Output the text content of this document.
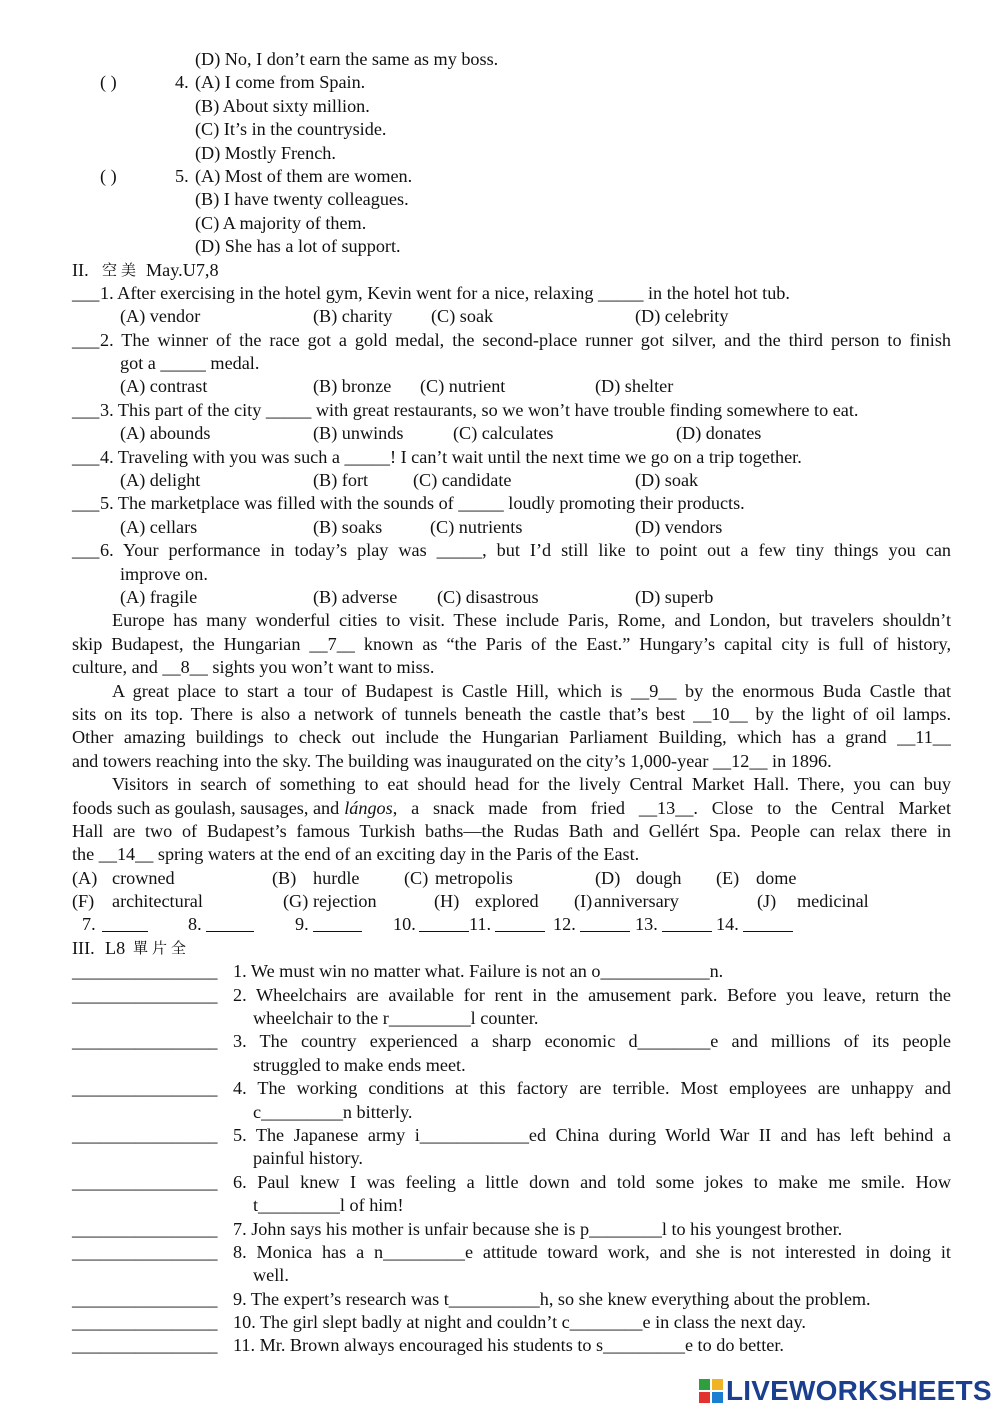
(D) No, I don’t earn the same as my boss.
( )	4. (A) I come from Spain.
(B) About sixty million.
(C) It’s in the countryside.
(D) Mostly French.
( )	5. (A) Most of them are women.
(B) I have twenty colleagues.
(C) A majority of them.
(D) She has a lot of support.
II. 空美 May.U7,8
___ 1. After exercising in the hotel gym, Kevin went for a nice, relaxing _____ in the hotel hot tub.
(A) vendor	(B) charity (C) soak	(D) celebrity
___ 2. The winner of the race got a gold medal, the second-place runner got silver, and the third person to finish
got a _____ medal.
(A) contrast	(B) bronze (C) nutrient	(D) shelter
___ 3. This part of the city _____ with great restaurants, so we won’t have trouble finding somewhere to eat.
(A) abounds	(B) unwinds	(C) calculates	(D) donates
___ 4. Traveling with you was such a _____! I can’t wait until the next time we go on a trip together.
(A) delight	(B) fort (C) candidate	(D) soak
___ 5. The marketplace was filled with the sounds of _____ loudly promoting their products.
(A) cellars	(B) soaks	(C) nutrients	(D) vendors
___ 6. Your performance in today’s play was _____, but I’d still like to point out a few tiny things you can
improve on.
(A) fragile	(B) adverse (C) disastrous	(D) superb
Europe has many wonderful cities to visit. These include Paris, Rome, and London, but travelers shouldn’t
skip Budapest, the Hungarian __7__ known as “the Paris of the East.” Hungary’s capital city is full of history,
culture, and __8__ sights you won’t want to miss.
A great place to start a tour of Budapest is Castle Hill, which is __9__ by the enormous Buda Castle that
sits on its top. There is also a network of tunnels beneath the castle that’s best __10__ by the light of oil lamps.
Other amazing buildings to check out include the Hungarian Parliament Building, which has a grand __11__
and towers reaching into the sky. The building was inaugurated on the city’s 1,000-year __12__ in 1896.
Visitors in search of something to eat should head for the lively Central Market Hall. There, you can buy
foods such as goulash, sausages, and lángos , a snack made from fried __13__. Close to the Central Market
Hall are two of Budapest’s famous Turkish baths—the Rudas Bath and Gellért Spa. People can relax there in
the __14__ spring waters at the end of an exciting day in the Paris of the East.
(A) crowned	(B) hurdle (C) metropolis	(D) dough (E) dome
(F) architectural	(G) rejection	(H) explored (I) anniversary	(J) medicinal
7.	8.	9.	10.	11.	12.	13.	14.
III. L8 單片全
________________ 1. We must win no matter what. Failure is not an o____________n.
________________ 2. Wheelchairs are available for rent in the amusement park. Before you leave, return the
wheelchair to the r_________l counter.
________________ 3. The country experienced a sharp economic d________e and millions of its people
struggled to make ends meet.
________________ 4. The working conditions at this factory are terrible. Most employees are unhappy and
c_________n bitterly.
________________ 5. The Japanese army i____________ed China during World War II and has left behind a
painful history.
________________ 6. Paul knew I was feeling a little down and told some jokes to make me smile. How
t_________l of him!
________________ 7. John says his mother is unfair because she is p________l to his youngest brother.
________________ 8. Monica has a n_________e attitude toward work, and she is not interested in doing it
well.
________________ 9. The expert’s research was t__________h, so she knew everything about the problem.
________________ 10. The girl slept badly at night and couldn’t c________e in class the next day.
________________ 11. Mr. Brown always encouraged his students to s_________e to do better.
LIVEWORKSHEETS
